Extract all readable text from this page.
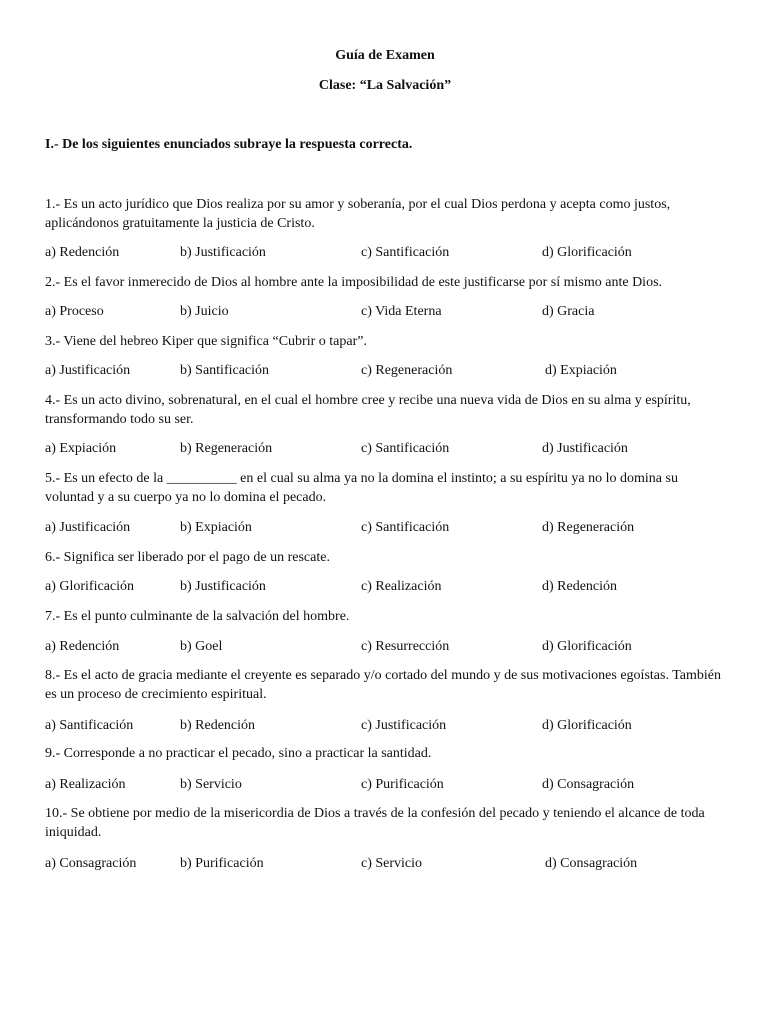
Guía de Examen
Clase: “La Salvación”
I.- De los siguientes enunciados subraye la respuesta correcta.
1.- Es un acto jurídico que Dios realiza por su amor y soberanía, por el cual Dios perdona y acepta como justos, aplicándonos gratuitamente la justicia de Cristo.
a) Redención	b) Justificación	c) Santificación	d) Glorificación
2.- Es el favor inmerecido de Dios al hombre ante la imposibilidad de este justificarse por sí mismo ante Dios.
a) Proceso	b) Juicio	c) Vida Eterna	d) Gracia
3.- Viene del hebreo Kiper que significa “Cubrir o tapar”.
a) Justificación	b) Santificación	c) Regeneración	d) Expiación
4.- Es un acto divino, sobrenatural, en el cual el hombre cree y recibe una nueva vida de Dios en su alma y espíritu, transformando todo su ser.
a) Expiación	b) Regeneración	c) Santificación	d) Justificación
5.- Es un efecto de la __________ en el cual su alma ya no la domina el instinto; a su espíritu ya no lo domina su voluntad y a su cuerpo ya no lo domina el pecado.
a) Justificación	b) Expiación	c) Santificación	d) Regeneración
6.- Significa ser liberado por el pago de un rescate.
a) Glorificación	b) Justificación	c) Realización	d) Redención
7.- Es el punto culminante de la salvación del hombre.
a) Redención	b) Goel	c) Resurrección	d) Glorificación
8.- Es el acto de gracia mediante el creyente es separado y/o cortado del mundo y de sus motivaciones egoístas. También es un proceso de crecimiento espiritual.
a) Santificación	b) Redención	c) Justificación	d) Glorificación
9.- Corresponde a no practicar el pecado, sino a practicar la santidad.
a) Realización	b) Servicio	c) Purificación	d) Consagración
10.- Se obtiene por medio de la misericordia de Dios a través de la confesión del pecado y teniendo el alcance de toda iniquidad.
a) Consagración	b) Purificación	c) Servicio	d) Consagración
